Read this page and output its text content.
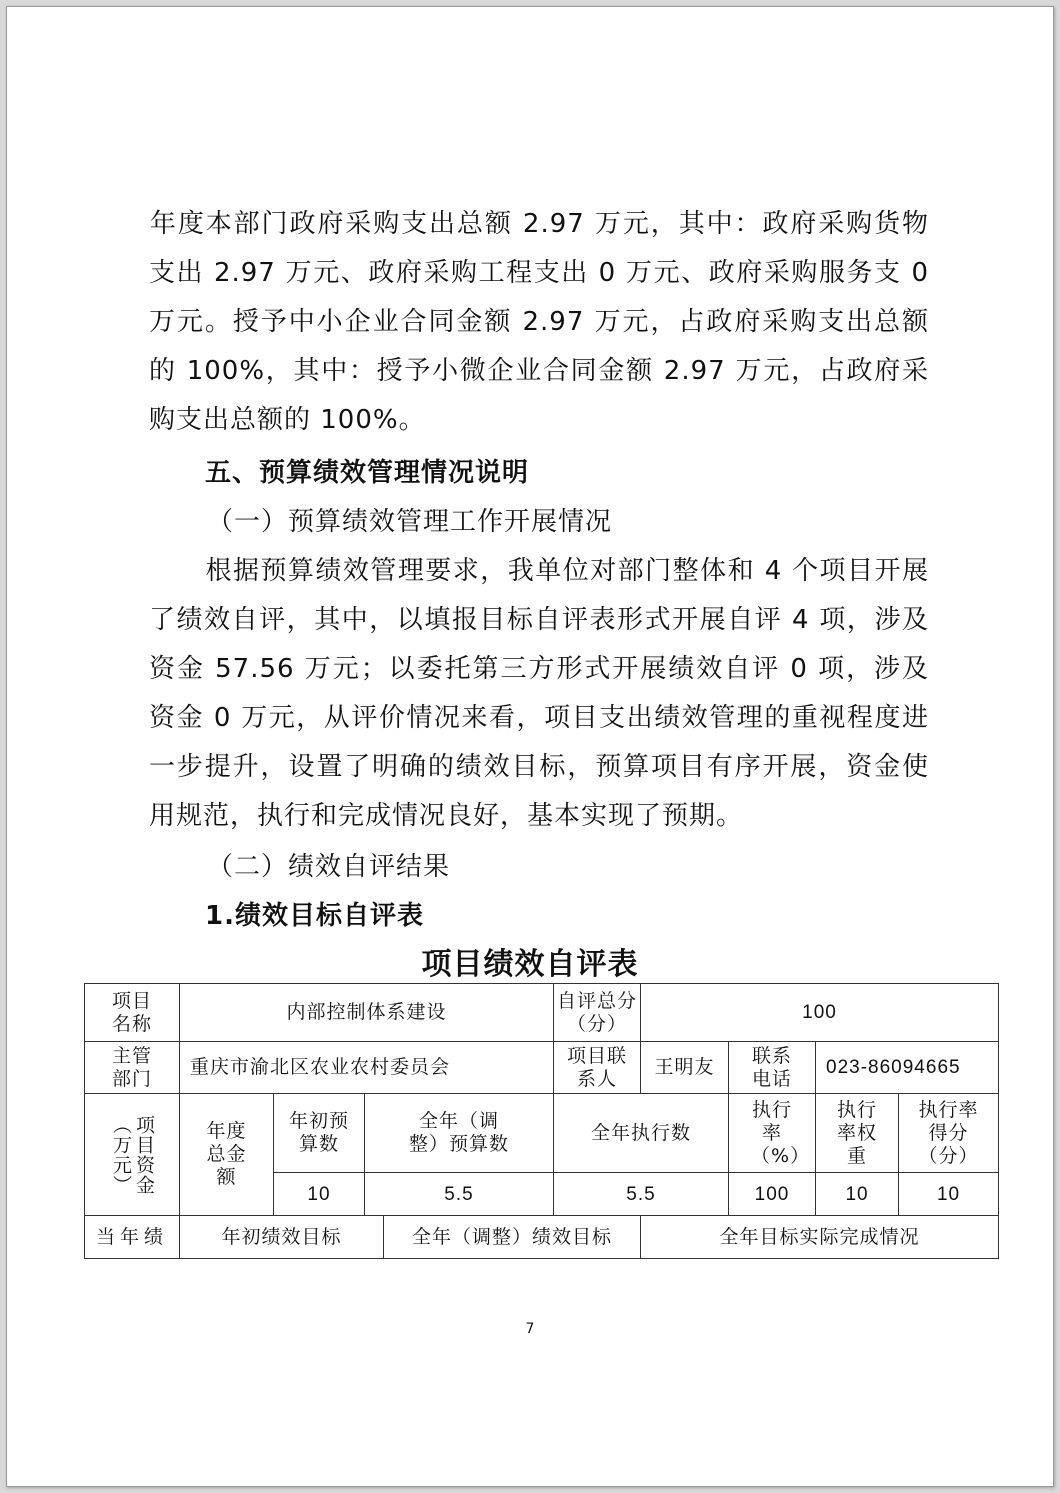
年度本部门政府采购支出总额 2.97 万元，其中：政府采购货物支出 2.97 万元、政府采购工程支出 0 万元、政府采购服务支 0 万元。授予中小企业合同金额 2.97 万元，占政府采购支出总额的 100%，其中：授予小微企业合同金额 2.97 万元，占政府采购支出总额的 100%。

五、预算绩效管理情况说明

（一）预算绩效管理工作开展情况

根据预算绩效管理要求，我单位对部门整体和 4 个项目开展了绩效自评，其中，以填报目标自评表形式开展自评 4 项，涉及资金 57.56 万元；以委托第三方形式开展绩效自评 0 项，涉及资金 0 万元，从评价情况来看，项目支出绩效管理的重视程度进一步提升，设置了明确的绩效目标，预算项目有序开展，资金使用规范，执行和完成情况良好，基本实现了预期。

（二）绩效自评结果

1.绩效目标自评表

项目绩效自评表
项目名称	内部控制体系建设				自评总分（分）	100			
主管部门	重庆市渝北区农业农村委员会				项目联系人	王明友	联系电话	023-86094665	

项目资金（万元）	年度总金额	年初预算数	全年（调整）预算数		全年执行数		执行率（%）	执行率权重	执行率得分（分）
		10	5.5		5.5		100	10	10
当年绩	年初绩效目标			全年（调整）绩效目标		全年目标实际完成情况			
7
